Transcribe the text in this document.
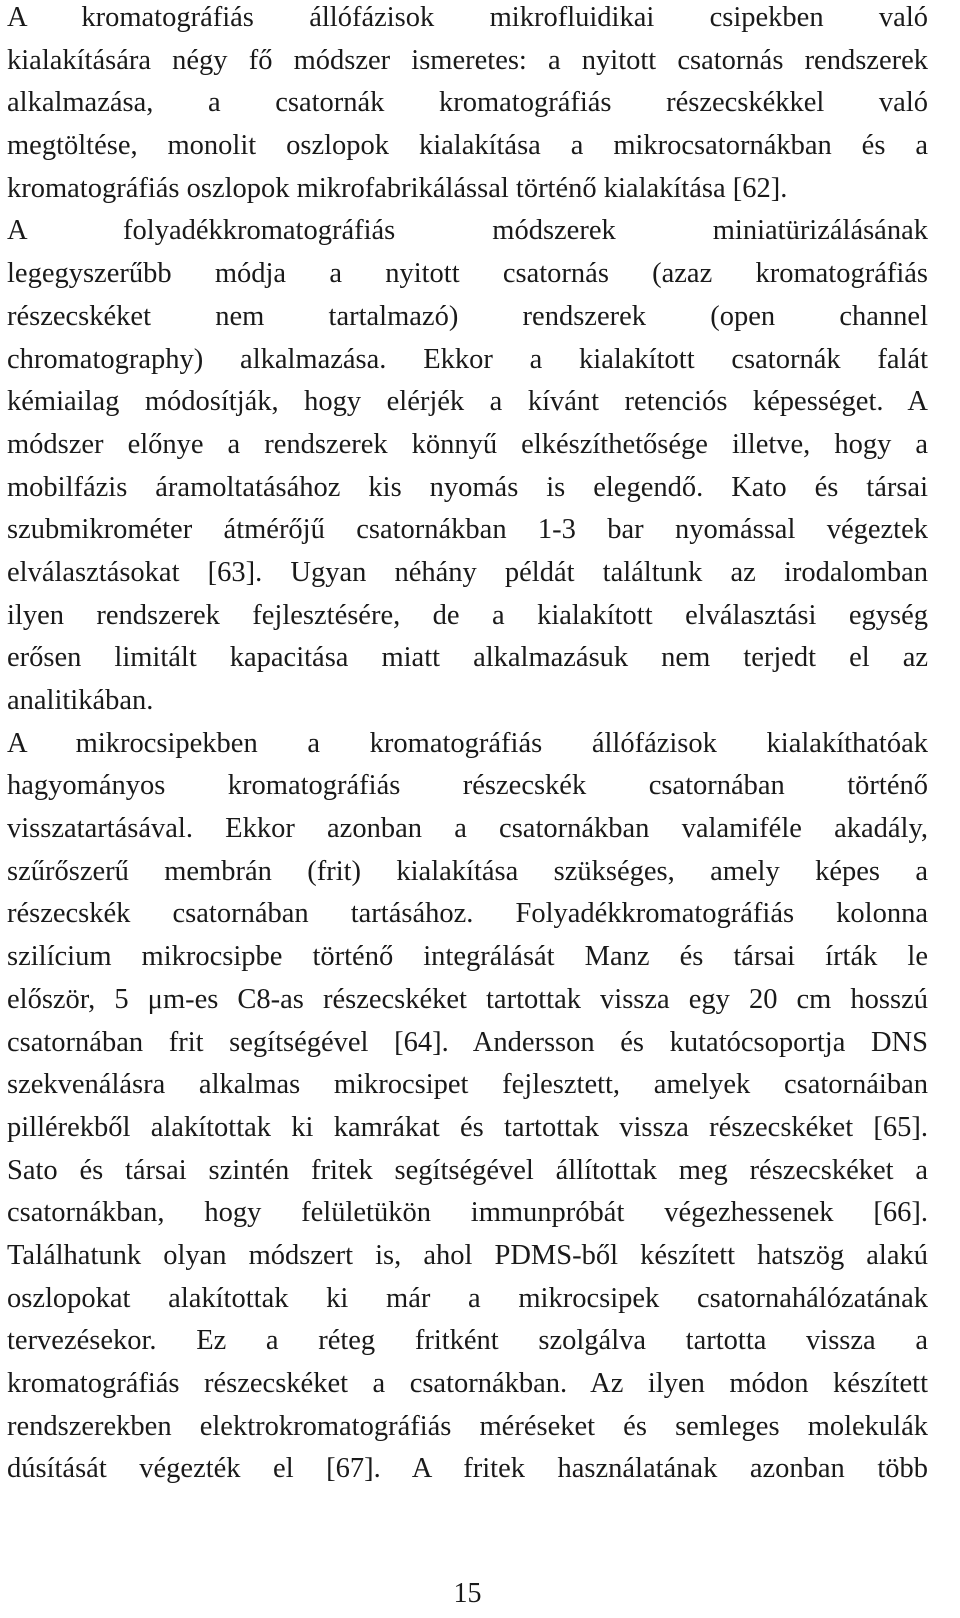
A kromatográfiás állófázisok mikrofluidikai csipekben való
kialakítására négy fő módszer ismeretes: a nyitott csatornás rendszerek
alkalmazása, a csatornák kromatográfiás részecskékkel való
megtöltése, monolit oszlopok kialakítása a mikrocsatornákban és a
kromatográfiás oszlopok mikrofabrikálással történő kialakítása [62].
A folyadékkromatográfiás módszerek miniatürizálásának
legegyszerűbb módja a nyitott csatornás (azaz kromatográfiás
részecskéket nem tartalmazó) rendszerek (open channel
chromatography) alkalmazása. Ekkor a kialakított csatornák falát
kémiailag módosítják, hogy elérjék a kívánt retenciós képességet. A
módszer előnye a rendszerek könnyű elkészíthetősége illetve, hogy a
mobilfázis áramoltatásához kis nyomás is elegendő. Kato és társai
szubmikrométer átmérőjű csatornákban 1-3 bar nyomással végeztek
elválasztásokat [63]. Ugyan néhány példát találtunk az irodalomban
ilyen rendszerek fejlesztésére, de a kialakított elválasztási egység
erősen limitált kapacitása miatt alkalmazásuk nem terjedt el az
analitikában.
A mikrocsipekben a kromatográfiás állófázisok kialakíthatóak
hagyományos kromatográfiás részecskék csatornában történő
visszatartásával. Ekkor azonban a csatornákban valamiféle akadály,
szűrőszerű membrán (frit) kialakítása szükséges, amely képes a
részecskék csatornában tartásához. Folyadékkromatográfiás kolonna
szilícium mikrocsipbe történő integrálását Manz és társai írták le
először, 5 μm-es C8-as részecskéket tartottak vissza egy 20 cm hosszú
csatornában frit segítségével [64]. Andersson és kutatócsoportja DNS
szekvenálásra alkalmas mikrocsipet fejlesztett, amelyek csatornáiban
pillérekből alakítottak ki kamrákat és tartottak vissza részecskéket [65].
Sato és társai szintén fritek segítségével állítottak meg részecskéket a
csatornákban, hogy felületükön immunpróbát végezhessenek [66].
Találhatunk olyan módszert is, ahol PDMS-ből készített hatszög alakú
oszlopokat alakítottak ki már a mikrocsipek csatornahálózatának
tervezésekor. Ez a réteg fritként szolgálva tartotta vissza a
kromatográfiás részecskéket a csatornákban. Az ilyen módon készített
rendszerekben elektrokromatográfiás méréseket és semleges molekulák
dúsítását végezték el [67]. A fritek használatának azonban több
15
